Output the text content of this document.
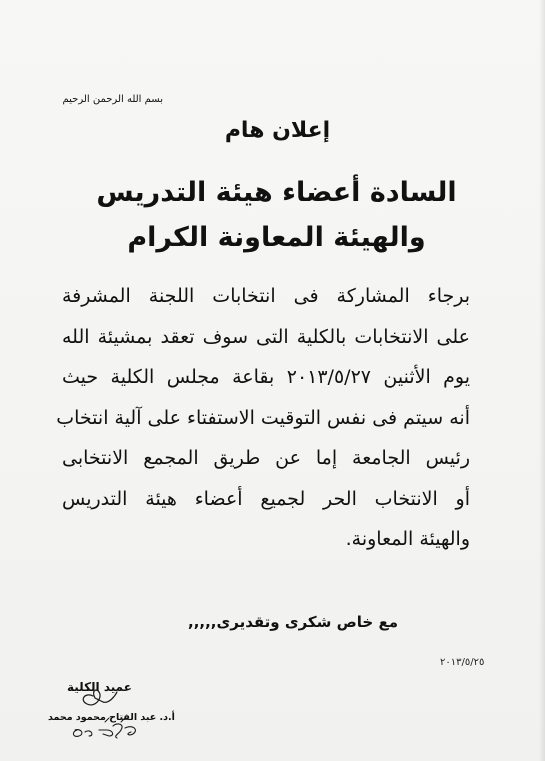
بسم الله الرحمن الرحيم
إعلان هام
السادة أعضاء هيئة التدريس
والهيئة المعاونة الكرام
برجاء المشاركة فى انتخابات اللجنة المشرفة
على الانتخابات بالكلية التى سوف تعقد بمشيئة الله
يوم الأثنين ٢٠١٣/٥/٢٧ بقاعة مجلس الكلية حيث
أنه سيتم فى نفس التوقيت الاستفتاء على آلية انتخاب
رئيس الجامعة إما عن طريق المجمع الانتخابى
أو الانتخاب الحر لجميع أعضاء هيئة التدريس
والهيئة المعاونة.
مع خاص شكرى وتقديرى,,,,,
٢٠١٣/٥/٢٥
عميد الكلية
أ.د. عبد الفتاح محمود محمد
